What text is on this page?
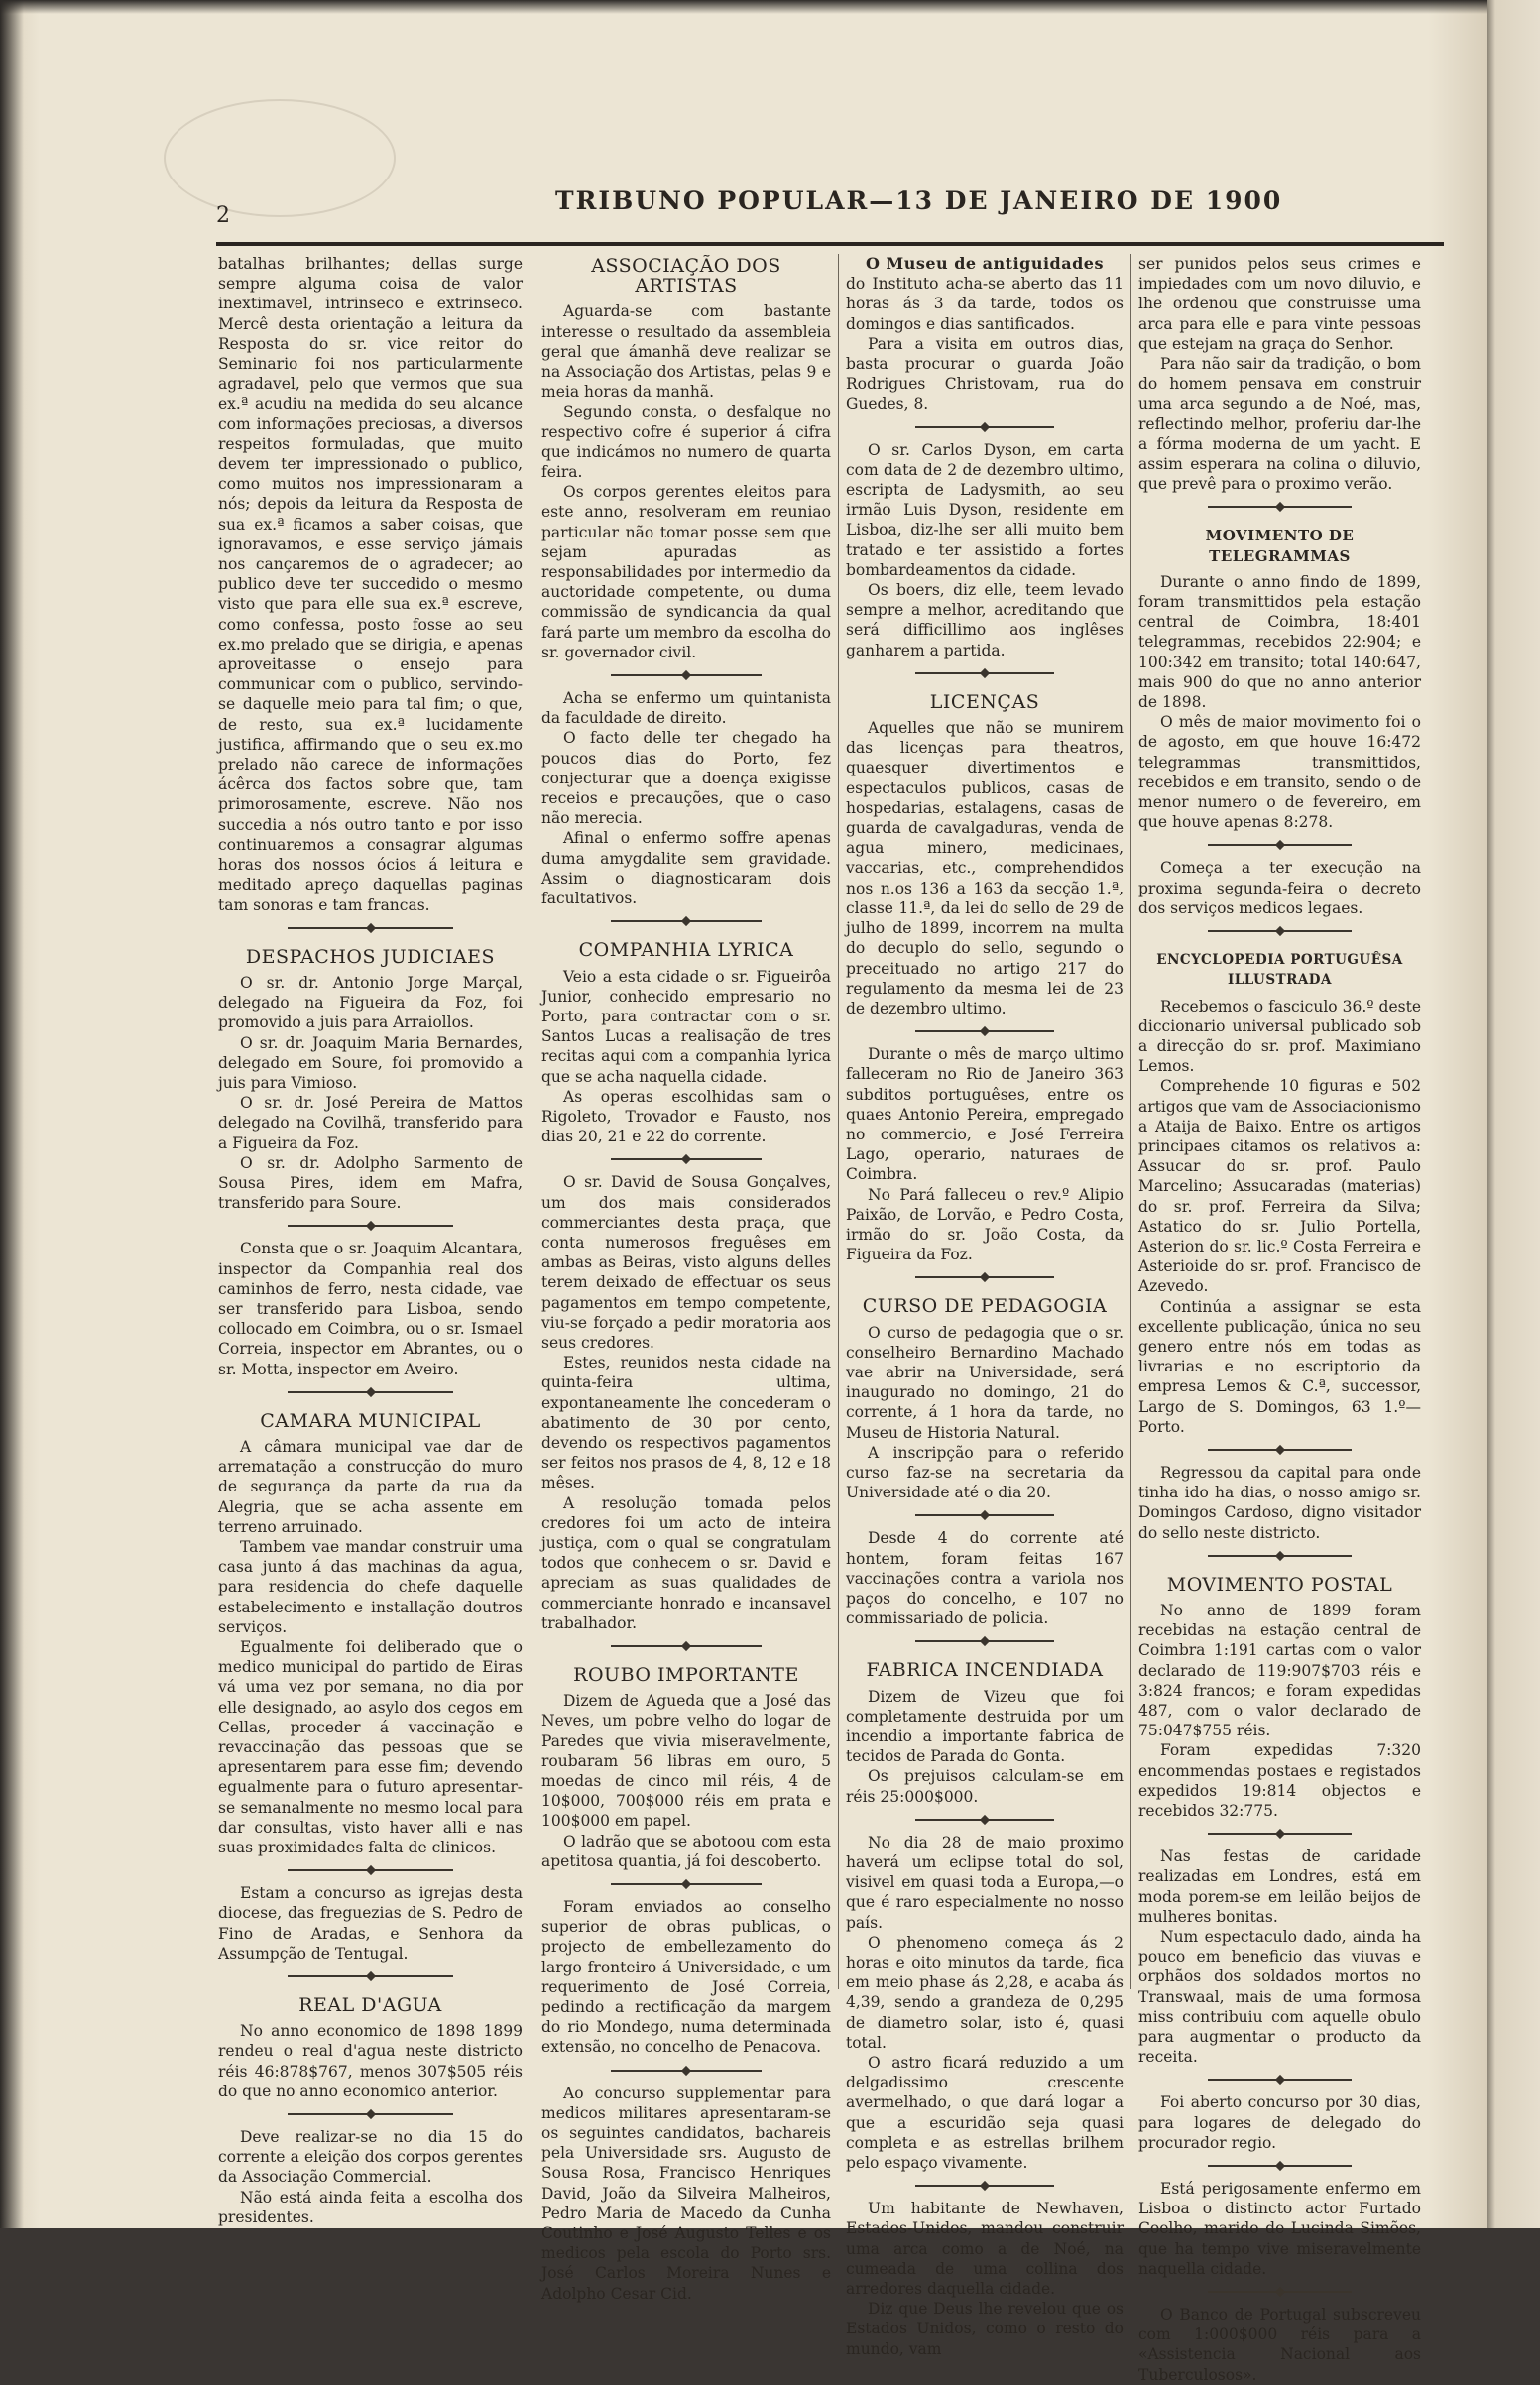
2
TRIBUNO POPULAR—13 DE JANEIRO DE 1900

batalhas brilhantes; dellas surge sempre alguma coisa de valor inextimavel, intrinseco e extrinseco. Mercê desta orientação a leitura da Resposta do sr. vice reitor do Seminario foi nos particularmente agradavel, pelo que vermos que sua ex.ª acudiu na medida do seu alcance com informações preciosas, a diversos respeitos formuladas, que muito devem ter impressionado o publico, como muitos nos impressionaram a nós; depois da leitura da Resposta de sua ex.ª ficamos a saber coisas, que ignoravamos, e esse serviço jámais nos cançaremos de o agradecer; ao publico deve ter succedido o mesmo visto que para elle sua ex.ª escreve, como confessa, posto fosse ao seu ex.mo prelado que se dirigia, e apenas aproveitasse o ensejo para communicar com o publico, servindo-se daquelle meio para tal fim; o que, de resto, sua ex.ª lucidamente justifica, affirmando que o seu ex.mo prelado não carece de informações ácêrca dos factos sobre que, tam primorosamente, escreve. Não nos succedia a nós outro tanto e por isso continuaremos a consagrar algumas horas dos nossos ócios á leitura e meditado apreço daquellas paginas tam sonoras e tam francas.

DESPACHOS JUDICIAES

O sr. dr. Antonio Jorge Marçal, delegado na Figueira da Foz, foi promovido a juis para Arraiollos.

O sr. dr. Joaquim Maria Bernardes, delegado em Soure, foi promovido a juis para Vimioso.

O sr. dr. José Pereira de Mattos delegado na Covilhã, transferido para a Figueira da Foz.

O sr. dr. Adolpho Sarmento de Sousa Pires, idem em Mafra, transferido para Soure.

Consta que o sr. Joaquim Alcantara, inspector da Companhia real dos caminhos de ferro, nesta cidade, vae ser transferido para Lisboa, sendo collocado em Coimbra, ou o sr. Ismael Correia, inspector em Abrantes, ou o sr. Motta, inspector em Aveiro.

CAMARA MUNICIPAL

A câmara municipal vae dar de arrematação a construcção do muro de segurança da parte da rua da Alegria, que se acha assente em terreno arruinado.

Tambem vae mandar construir uma casa junto á das machinas da agua, para residencia do chefe daquelle estabelecimento e installação doutros serviços.

Egualmente foi deliberado que o medico municipal do partido de Eiras vá uma vez por semana, no dia por elle designado, ao asylo dos cegos em Cellas, proceder á vaccinação e revaccinação das pessoas que se apresentarem para esse fim; devendo egualmente para o futuro apresentar-se semanalmente no mesmo local para dar consultas, visto haver alli e nas suas proximidades falta de clinicos.

Estam a concurso as igrejas desta diocese, das freguezias de S. Pedro de Fino de Aradas, e Senhora da Assumpção de Tentugal.

REAL D'AGUA

No anno economico de 1898 1899 rendeu o real d'agua neste districto réis 46:878$767, menos 307$505 réis do que no anno economico anterior.

Deve realizar-se no dia 15 do corrente a eleição dos corpos gerentes da Associação Commercial.

Não está ainda feita a escolha dos presidentes.

ASSOCIAÇÃO DOS ARTISTAS

Aguarda-se com bastante interesse o resultado da assembleia geral que ámanhã deve realizar se na Associação dos Artistas, pelas 9 e meia horas da manhã.

Segundo consta, o desfalque no respectivo cofre é superior á cifra que indicámos no numero de quarta feira.

Os corpos gerentes eleitos para este anno, resolveram em reuniao particular não tomar posse sem que sejam apuradas as responsabilidades por intermedio da auctoridade competente, ou duma commissão de syndicancia da qual fará parte um membro da escolha do sr. governador civil.

Acha se enfermo um quintanista da faculdade de direito.

O facto delle ter chegado ha poucos dias do Porto, fez conjecturar que a doença exigisse receios e precauções, que o caso não merecia.

Afinal o enfermo soffre apenas duma amygdalite sem gravidade. Assim o diagnosticaram dois facultativos.

COMPANHIA LYRICA

Veio a esta cidade o sr. Figueirôa Junior, conhecido empresario no Porto, para contractar com o sr. Santos Lucas a realisação de tres recitas aqui com a companhia lyrica que se acha naquella cidade.

As operas escolhidas sam o Rigoleto, Trovador e Fausto, nos dias 20, 21 e 22 do corrente.

O sr. David de Sousa Gonçalves, um dos mais considerados commerciantes desta praça, que conta numerosos freguêses em ambas as Beiras, visto alguns delles terem deixado de effectuar os seus pagamentos em tempo competente, viu-se forçado a pedir moratoria aos seus credores.

Estes, reunidos nesta cidade na quinta-feira ultima, expontaneamente lhe concederam o abatimento de 30 por cento, devendo os respectivos pagamentos ser feitos nos prasos de 4, 8, 12 e 18 mêses.

A resolução tomada pelos credores foi um acto de inteira justiça, com o qual se congratulam todos que conhecem o sr. David e apreciam as suas qualidades de commerciante honrado e incansavel trabalhador.

ROUBO IMPORTANTE

Dizem de Agueda que a José das Neves, um pobre velho do logar de Paredes que vivia miseravelmente, roubaram 56 libras em ouro, 5 moedas de cinco mil réis, 4 de 10$000, 700$000 réis em prata e 100$000 em papel.

O ladrão que se abotoou com esta apetitosa quantia, já foi descoberto.

Foram enviados ao conselho superior de obras publicas, o projecto de embellezamento do largo fronteiro á Universidade, e um requerimento de José Correia, pedindo a rectificação da margem do rio Mondego, numa determinada extensão, no concelho de Penacova.

Ao concurso supplementar para medicos militares apresentaram-se os seguintes candidatos, bachareis pela Universidade srs. Augusto de Sousa Rosa, Francisco Henriques David, João da Silveira Malheiros, Pedro Maria de Macedo da Cunha Coutinho e José Augusto Telles e os medicos pela escola do Porto srs. José Carlos Moreira Nunes e Adolpho Cesar Cid.

O Museu de antiguidades

do Instituto acha-se aberto das 11 horas ás 3 da tarde, todos os domingos e dias santificados.

Para a visita em outros dias, basta procurar o guarda João Rodrigues Christovam, rua do Guedes, 8.

O sr. Carlos Dyson, em carta com data de 2 de dezembro ultimo, escripta de Ladysmith, ao seu irmão Luis Dyson, residente em Lisboa, diz-lhe ser alli muito bem tratado e ter assistido a fortes bombardeamentos da cidade.

Os boers, diz elle, teem levado sempre a melhor, acreditando que será difficillimo aos inglêses ganharem a partida.

LICENÇAS

Aquelles que não se munirem das licenças para theatros, quaesquer divertimentos e espectaculos publicos, casas de hospedarias, estalagens, casas de guarda de cavalgaduras, venda de agua minero, medicinaes, vaccarias, etc., comprehendidos nos n.os 136 a 163 da secção 1.ª, classe 11.ª, da lei do sello de 29 de julho de 1899, incorrem na multa do decuplo do sello, segundo o preceituado no artigo 217 do regulamento da mesma lei de 23 de dezembro ultimo.

Durante o mês de março ultimo falleceram no Rio de Janeiro 363 subditos portuguêses, entre os quaes Antonio Pereira, empregado no commercio, e José Ferreira Lago, operario, naturaes de Coimbra.

No Pará falleceu o rev.º Alipio Paixão, de Lorvão, e Pedro Costa, irmão do sr. João Costa, da Figueira da Foz.

CURSO DE PEDAGOGIA

O curso de pedagogia que o sr. conselheiro Bernardino Machado vae abrir na Universidade, será inaugurado no domingo, 21 do corrente, á 1 hora da tarde, no Museu de Historia Natural.

A inscripção para o referido curso faz-se na secretaria da Universidade até o dia 20.

Desde 4 do corrente até hontem, foram feitas 167 vaccinações contra a variola nos paços do concelho, e 107 no commissariado de policia.

FABRICA INCENDIADA

Dizem de Vizeu que foi completamente destruida por um incendio a importante fabrica de tecidos de Parada do Gonta.

Os prejuisos calculam-se em réis 25:000$000.

No dia 28 de maio proximo haverá um eclipse total do sol, visivel em quasi toda a Europa,—o que é raro especialmente no nosso país.

O phenomeno começa ás 2 horas e oito minutos da tarde, fica em meio phase ás 2,28, e acaba ás 4,39, sendo a grandeza de 0,295 de diametro solar, isto é, quasi total.

O astro ficará reduzido a um delgadissimo crescente avermelhado, o que dará logar a que a escuridão seja quasi completa e as estrellas brilhem pelo espaço vivamente.

Um habitante de Newhaven, Estados-Unidos, mandou construir uma arca como a de Noé, na cumeada de uma collina dos arredores daquella cidade.

Diz que Deus lhe revelou que os Estados Unidos, como o resto do mundo, vam

ser punidos pelos seus crimes e impiedades com um novo diluvio, e lhe ordenou que construisse uma arca para elle e para vinte pessoas que estejam na graça do Senhor.

Para não sair da tradição, o bom do homem pensava em construir uma arca segundo a de Noé, mas, reflectindo melhor, proferiu dar-lhe a fórma moderna de um yacht. E assim esperara na colina o diluvio, que prevê para o proximo verão.

MOVIMENTO DE TELEGRAMMAS

Durante o anno findo de 1899, foram transmittidos pela estação central de Coimbra, 18:401 telegrammas, recebidos 22:904; e 100:342 em transito; total 140:647, mais 900 do que no anno anterior de 1898.

O mês de maior movimento foi o de agosto, em que houve 16:472 telegrammas transmittidos, recebidos e em transito, sendo o de menor numero o de fevereiro, em que houve apenas 8:278.

Começa a ter execução na proxima segunda-feira o decreto dos serviços medicos legaes.

ENCYCLOPEDIA PORTUGUÊSA ILLUSTRADA

Recebemos o fasciculo 36.º deste diccionario universal publicado sob a direcção do sr. prof. Maximiano Lemos.

Comprehende 10 figuras e 502 artigos que vam de Associacionismo a Ataija de Baixo. Entre os artigos principaes citamos os relativos a: Assucar do sr. prof. Paulo Marcelino; Assucaradas (materias) do sr. prof. Ferreira da Silva; Astatico do sr. Julio Portella, Asterion do sr. lic.º Costa Ferreira e Asterioide do sr. prof. Francisco de Azevedo.

Continúa a assignar se esta excellente publicação, única no seu genero entre nós em todas as livrarias e no escriptorio da empresa Lemos & C.ª, successor, Largo de S. Domingos, 63 1.º—Porto.

Regressou da capital para onde tinha ido ha dias, o nosso amigo sr. Domingos Cardoso, digno visitador do sello neste districto.

MOVIMENTO POSTAL

No anno de 1899 foram recebidas na estação central de Coimbra 1:191 cartas com o valor declarado de 119:907$703 réis e 3:824 francos; e foram expedidas 487, com o valor declarado de 75:047$755 réis.

Foram expedidas 7:320 encommendas postaes e registados expedidos 19:814 objectos e recebidos 32:775.

Nas festas de caridade realizadas em Londres, está em moda porem-se em leilão beijos de mulheres bonitas.

Num espectaculo dado, ainda ha pouco em beneficio das viuvas e orphãos dos soldados mortos no Transwaal, mais de uma formosa miss contribuiu com aquelle obulo para augmentar o producto da receita.

Foi aberto concurso por 30 dias, para logares de delegado do procurador regio.

Está perigosamente enfermo em Lisboa o distincto actor Furtado Coelho, marido de Lucinda Simões, que ha tempo vive miseravelmente naquella cidade.

O Banco de Portugal subscreveu com 1:000$000 réis para a «Assistencia Nacional aos Tuberculosos».
